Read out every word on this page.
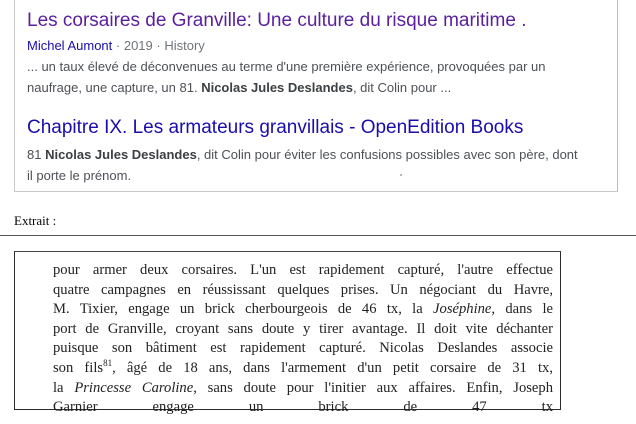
Les corsaires de Granville: Une culture du risque maritime .
Michel Aumont · 2019 · History
... un taux élevé de déconvenues au terme d'une première expérience, provoquées par un
naufrage, une capture, un 81. Nicolas Jules Deslandes, dit Colin pour ...
Chapitre IX. Les armateurs granvillais - OpenEdition Books
81 Nicolas Jules Deslandes, dit Colin pour éviter les confusions possibles avec son père, dont
il porte le prénom.
Extrait :
pour armer deux corsaires. L'un est rapidement capturé, l'autre effectue
quatre campagnes en réussissant quelques prises. Un négociant du Havre,
M. Tixier, engage un brick cherbourgeois de 46 tx, la Joséphine, dans le
port de Granville, croyant sans doute y tirer avantage. Il doit vite déchanter
puisque son bâtiment est rapidement capturé. Nicolas Deslandes associe
son fils$^{81}$, âgé de 18 ans, dans l'armement d'un petit corsaire de 31 tx,
la Princesse Caroline, sans doute pour l'initier aux affaires. Enfin, Joseph
Garnier engage un brick de 47 tx
